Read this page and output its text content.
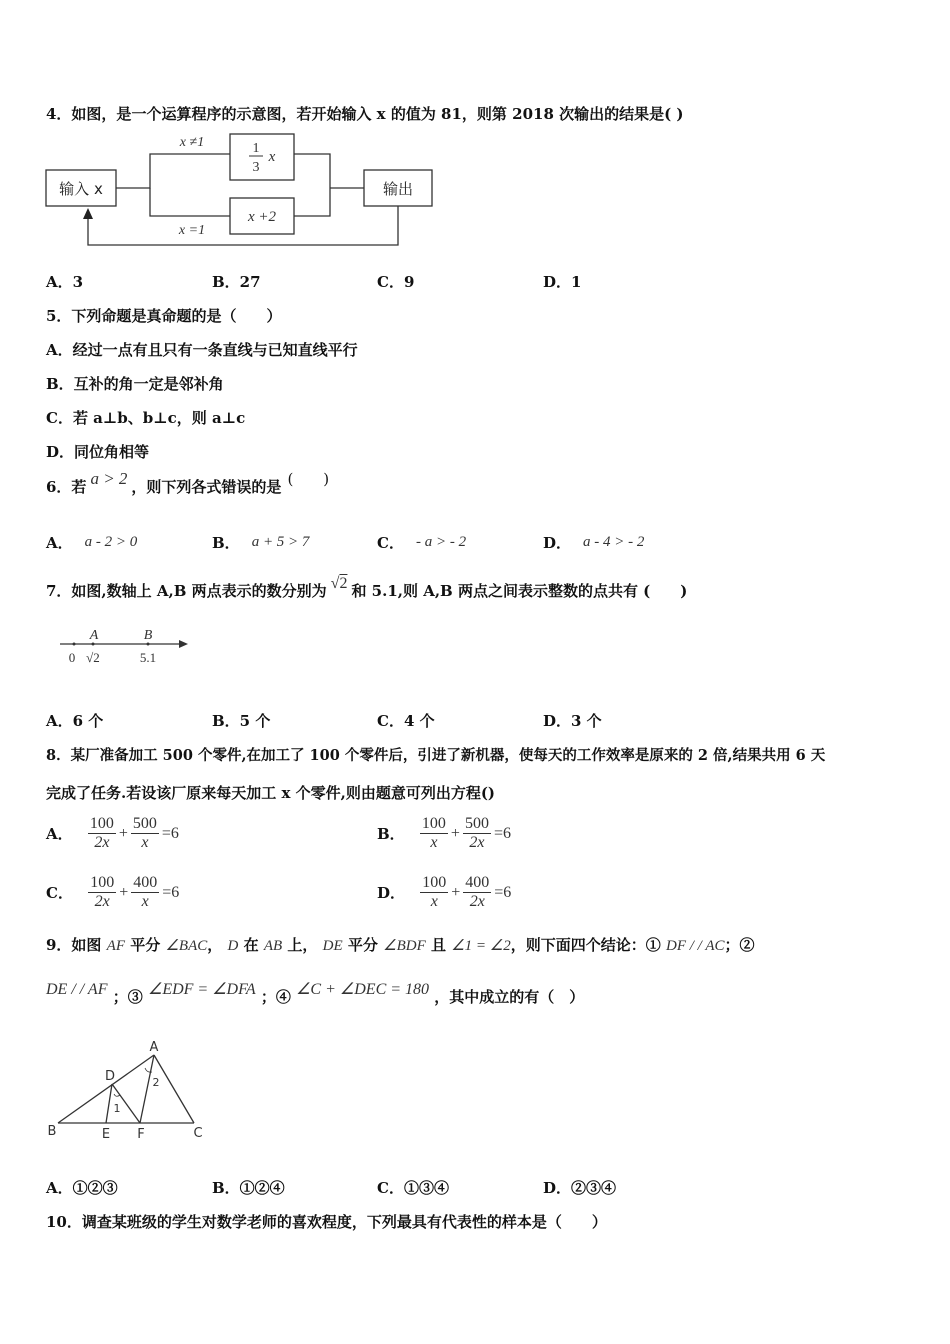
4．如图，是一个运算程序的示意图，若开始输入 x 的值为 81，则第 2018 次输出的结果是( )
输入 x	输出
x ≠1
x =1
1
3
x
x +2
A．3	B．27	C．9	D．1
5．下列命题是真命题的是（　　）
A．经过一点有且只有一条直线与已知直线平行
B．互补的角一定是邻补角
C．若 a⊥b、b⊥c，则 a⊥c
D．同位角相等
6．若 a > 2 ，则下列各式错误的是 (　　)
A． a - 2 > 0	B． a + 5 > 7	C． - a > - 2	D． a - 4 > - 2
7．如图,数轴上 A,B 两点表示的数分别为 √2 和 5.1,则 A,B 两点之间表示整数的点共有 (　　)
A	B
0 √2	5.1
A．6 个	B．5 个	C．4 个	D．3 个
8．某厂准备加工 500 个零件,在加工了 100 个零件后，引进了新机器，使每天的工作效率是原来的 2 倍,结果共用 6 天
完成了任务.若设该厂原来每天加工 x 个零件,则由题意可列出方程()
A． $\frac{100}{2x} + \frac{500}{x} =6$	B． $\frac{100}{x} + \frac{500}{2x} =6$
C． $\frac{100}{2x} + \frac{400}{x} =6$	D． $\frac{100}{x} + \frac{400}{2x} =6$
9．如图 AF 平分 ∠BAC， D 在 AB 上， DE 平分 ∠BDF 且 ∠1 = ∠2，则下面四个结论：① DF / / AC；②
DE / / AF ；③ ∠EDF = ∠DFA ；④ ∠C + ∠DEC = 180 ，其中成立的有（　）
A
B	C
D
E F
1
2
A．①②③	B．①②④	C．①③④	D．②③④
10．调查某班级的学生对数学老师的喜欢程度，下列最具有代表性的样本是（　　）
